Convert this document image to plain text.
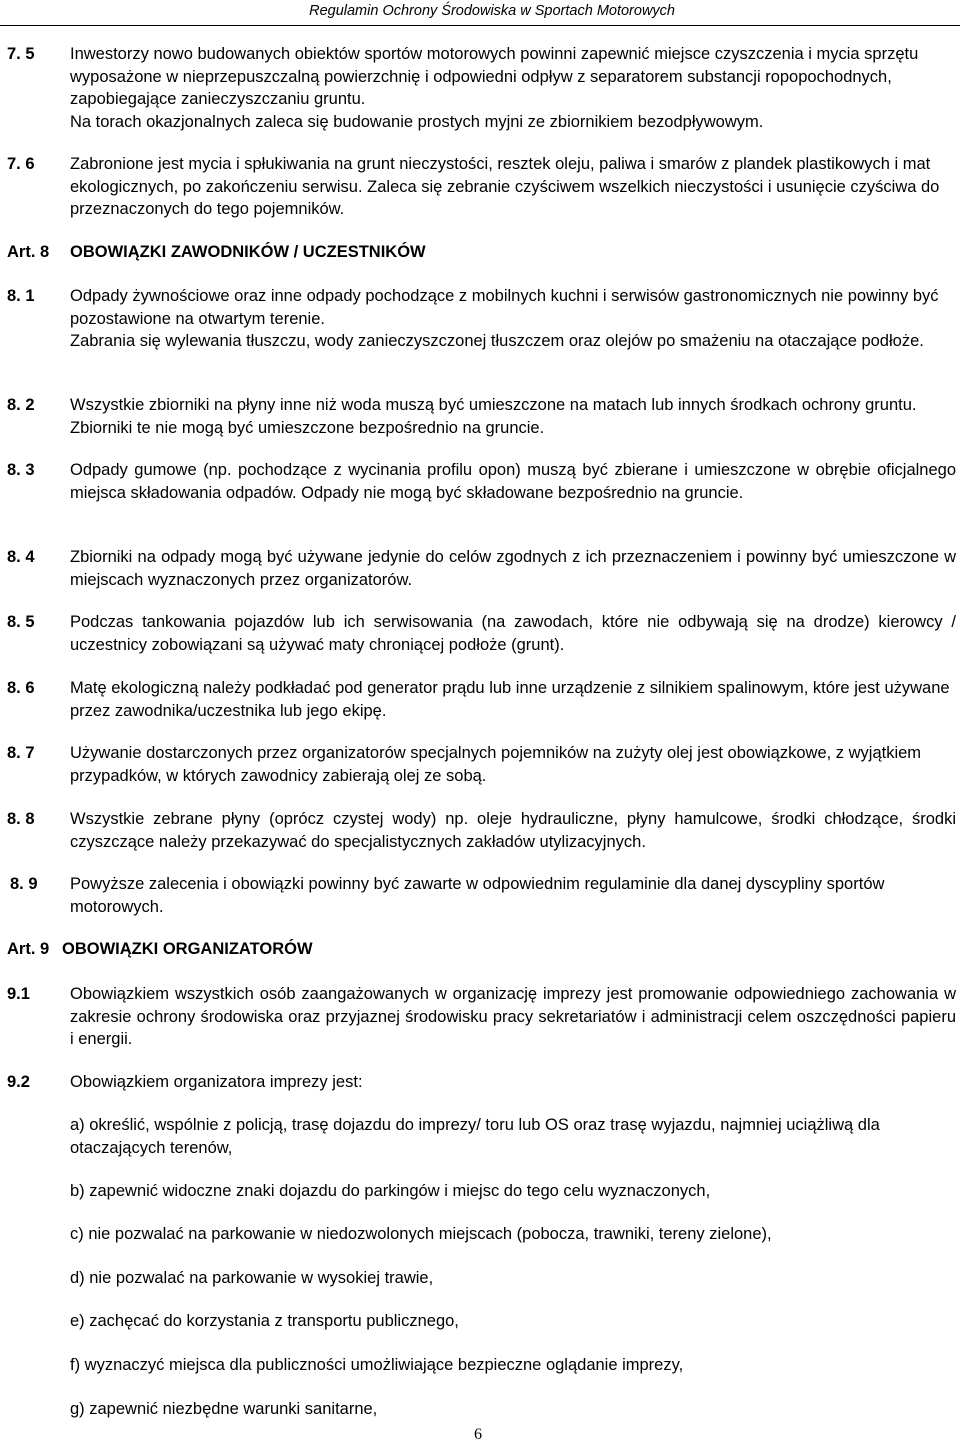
Regulamin Ochrony Środowiska w Sportach Motorowych
7. 5 Inwestorzy nowo budowanych obiektów sportów motorowych powinni zapewnić miejsce czyszczenia i mycia sprzętu wyposażone w nieprzepuszczalną powierzchnię i odpowiedni odpływ z separatorem substancji ropopochodnych, zapobiegające zanieczyszczaniu gruntu.

Na torach okazjonalnych zaleca się budowanie prostych myjni ze zbiornikiem bezodpływowym.

7. 6 Zabronione jest mycia i spłukiwania na grunt nieczystości, resztek oleju, paliwa i smarów z plandek plastikowych i mat ekologicznych, po zakończeniu serwisu. Zaleca się zebranie czyściwem wszelkich nieczystości i usunięcie czyściwa do przeznaczonych do tego pojemników.

Art. 8 OBOWIĄZKI ZAWODNIKÓW / UCZESTNIKÓW
8. 1 Odpady żywnościowe oraz inne odpady pochodzące z mobilnych kuchni i serwisów gastronomicznych nie powinny być pozostawione na otwartym terenie.

Zabrania się wylewania tłuszczu, wody zanieczyszczonej tłuszczem oraz olejów po smażeniu na otaczające podłoże.

8. 2 Wszystkie zbiorniki na płyny inne niż woda muszą być umieszczone na matach lub innych środkach ochrony gruntu. Zbiorniki te nie mogą być umieszczone bezpośrednio na gruncie.

8. 3 Odpady gumowe (np. pochodzące z wycinania profilu opon) muszą być zbierane i umieszczone w obrębie oficjalnego miejsca składowania odpadów. Odpady nie mogą być składowane bezpośrednio na gruncie.

8. 4 Zbiorniki na odpady mogą być używane jedynie do celów zgodnych z ich przeznaczeniem i powinny być umieszczone w miejscach wyznaczonych przez organizatorów.

8. 5 Podczas tankowania pojazdów lub ich serwisowania (na zawodach, które nie odbywają się na drodze) kierowcy / uczestnicy zobowiązani są używać maty chroniącej podłoże (grunt).

8. 6 Matę ekologiczną należy podkładać pod generator prądu lub inne urządzenie z silnikiem spalinowym, które jest używane przez zawodnika/uczestnika lub jego ekipę.

8. 7 Używanie dostarczonych przez organizatorów specjalnych pojemników na zużyty olej jest obowiązkowe, z wyjątkiem przypadków, w których zawodnicy zabierają olej ze sobą.

8. 8 Wszystkie zebrane płyny (oprócz czystej wody) np. oleje hydrauliczne, płyny hamulcowe, środki chłodzące, środki czyszczące należy przekazywać do specjalistycznych zakładów utylizacyjnych.

8. 9 Powyższe zalecenia i obowiązki powinny być zawarte w odpowiednim regulaminie dla danej dyscypliny sportów motorowych.

Art. 9 OBOWIĄZKI ORGANIZATORÓW
9.1 Obowiązkiem wszystkich osób zaangażowanych w organizację imprezy jest promowanie odpowiedniego zachowania w zakresie ochrony środowiska oraz przyjaznej środowisku pracy sekretariatów i administracji celem oszczędności papieru i energii.

9.2 Obowiązkiem organizatora imprezy jest:

a) określić, wspólnie z policją, trasę dojazdu do imprezy/ toru lub OS oraz trasę wyjazdu, najmniej uciążliwą dla otaczających terenów,
b) zapewnić widoczne znaki dojazdu do parkingów i miejsc do tego celu wyznaczonych,
c) nie pozwalać na parkowanie w niedozwolonych miejscach (pobocza, trawniki, tereny zielone),
d) nie pozwalać na parkowanie w wysokiej trawie,
e) zachęcać do korzystania z transportu publicznego,
f) wyznaczyć miejsca dla publiczności umożliwiające bezpieczne oglądanie imprezy,
g) zapewnić niezbędne warunki sanitarne,
6
